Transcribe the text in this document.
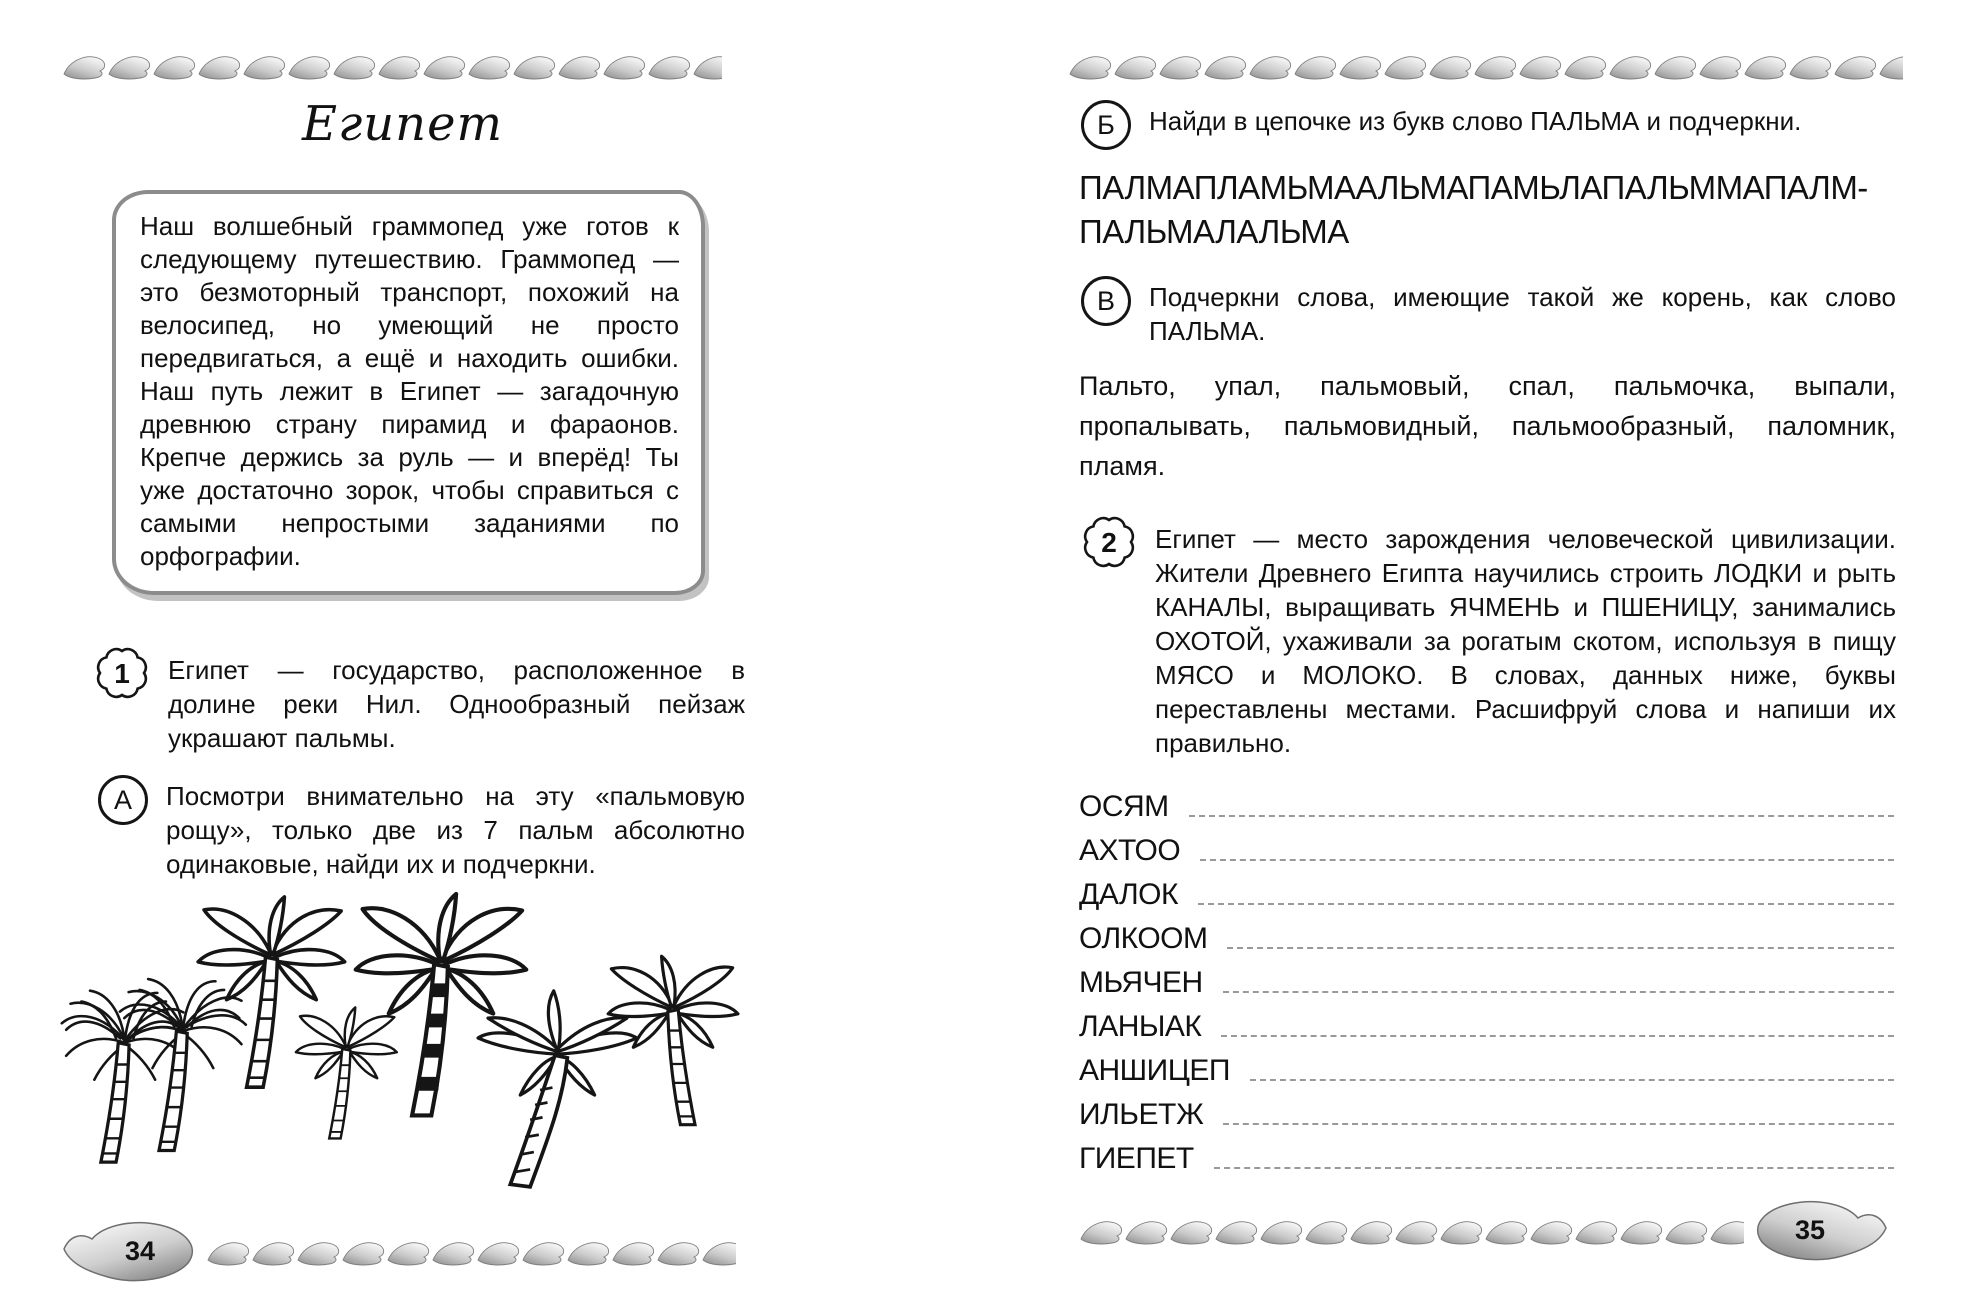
Египет

Наш волшебный граммопед уже готов к следующему путешествию. Граммопед — это безмоторный транспорт, похожий на велосипед, но умеющий не просто передвигаться, а ещё и находить ошибки. Наш путь лежит в Египет — загадочную древнюю страну пирамид и фараонов. Крепче держись за руль — и вперёд! Ты уже достаточно зорок, чтобы справиться с самыми непростыми заданиями по орфографии.

1 Египет — государство, расположенное в долине реки Нил. Однообразный пейзаж украшают пальмы.
А	Посмотри внимательно на эту «пальмовую рощу», только две из 7 пальм абсолютно одинаковые, найди их и подчеркни.
34
Б	Найди в цепочке из букв слово ПАЛЬМА и подчеркни.
ПАЛМАПЛАМЬМААЛЬМАПАМЬЛАПАЛЬММАПАЛМ-
ПАЛЬМАЛАЛЬМА
В	Подчеркни слова, имеющие такой же корень, как слово ПАЛЬМА.

Пальто, упал, пальмовый, спал, пальмочка, выпали, пропалывать, пальмовидный, пальмообразный, паломник, пламя.

2 Египет — место зарождения человеческой цивилизации. Жители Древнего Египта научились строить ЛОДКИ и рыть КАНАЛЫ, выращивать ЯЧМЕНЬ и ПШЕНИЦУ, занимались ОХОТОЙ, ухаживали за рогатым скотом, используя в пищу МЯСО и МОЛОКО. В словах, данных ниже, буквы переставлены местами. Расшифруй слова и напиши их правильно.
ОСЯМ
АХТОО
ДАЛОК
ОЛКООМ
МЬЯЧЕН
ЛАНЫАК
АНШИЦЕП
ИЛЬЕТЖ
ГИЕПЕТ
35
